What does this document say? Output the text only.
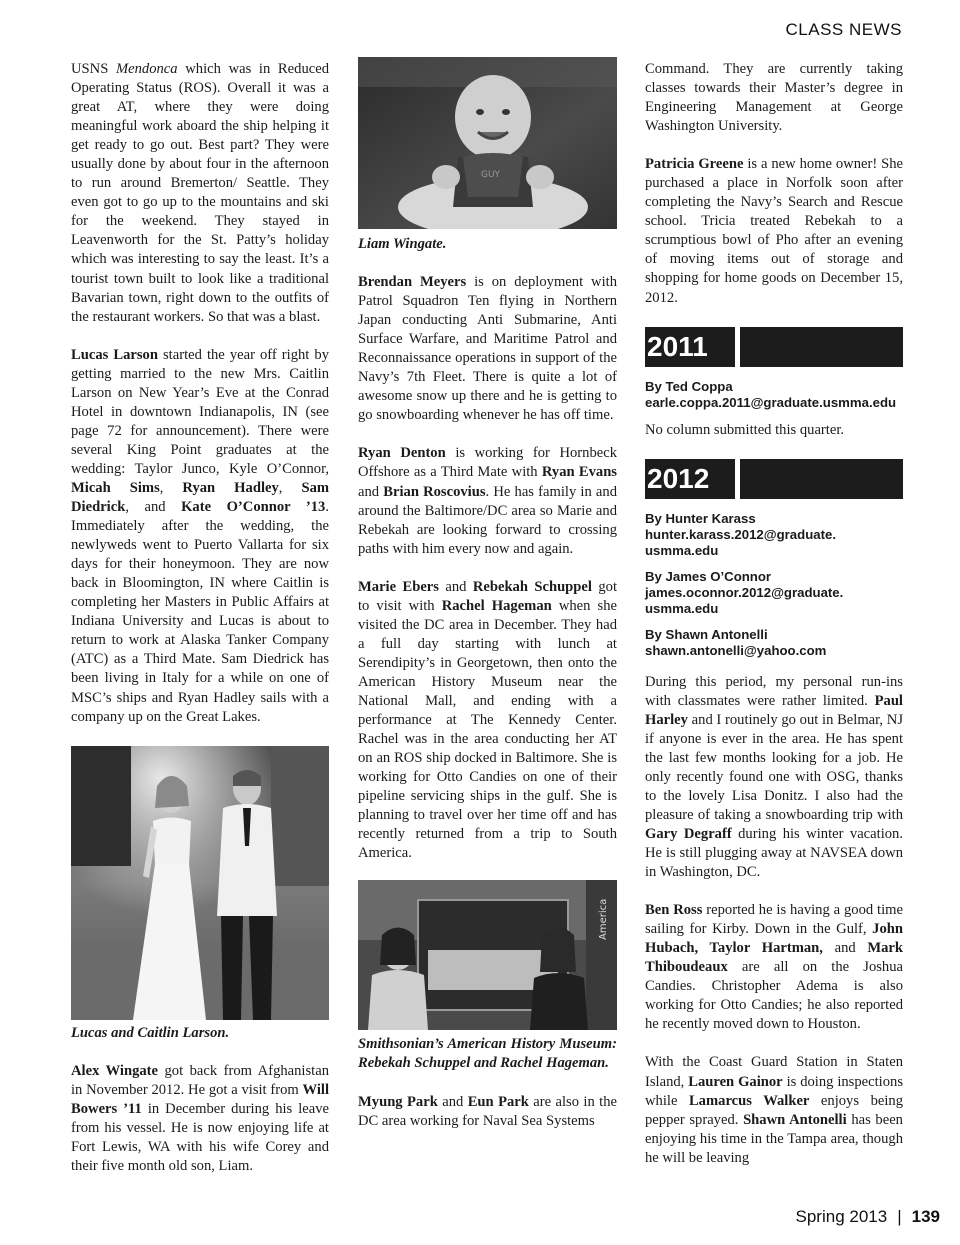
CLASS NEWS

USNS Mendonca which was in Reduced Operating Status (ROS). Overall it was a great AT, where they were doing meaningful work aboard the ship helping it get ready to go out. Best part? They were usually done by about four in the afternoon to run around Bremerton/ Seattle. They even got to go up to the mountains and ski for the weekend. They stayed in Leavenworth for the St. Patty’s holiday which was interesting to say the least. It’s a tourist town built to look like a traditional Bavarian town, right down to the outfits of the restaurant workers. So that was a blast.

Lucas Larson started the year off right by getting married to the new Mrs. Caitlin Larson on New Year’s Eve at the Conrad Hotel in downtown Indianapolis, IN (see page 72 for announcement). There were several King Point graduates at the wedding: Taylor Junco, Kyle O’Connor, Micah Sims, Ryan Hadley, Sam Diedrick, and Kate O’Connor ’13. Immediately after the wedding, the newlyweds went to Puerto Vallarta for six days for their honeymoon. They are now back in Bloomington, IN where Caitlin is completing her Masters in Public Affairs at Indiana University and Lucas is about to return to work at Alaska Tanker Company (ATC) as a Third Mate. Sam Diedrick has been living in Italy for a while on one of MSC’s ships and Ryan Hadley sails with a company up on the Great Lakes.

Lucas and Caitlin Larson.

Alex Wingate got back from Afghanistan in November 2012. He got a visit from Will Bowers ’11 in December during his leave from his vessel. He is now enjoying life at Fort Lewis, WA with his wife Corey and their five month old son, Liam.

GUY
Liam Wingate.

Brendan Meyers is on deployment with Patrol Squadron Ten flying in Northern Japan conducting Anti Submarine, Anti Surface Warfare, and Maritime Patrol and Reconnaissance operations in support of the Navy’s 7th Fleet. There is quite a lot of awesome snow up there and he is getting to go snowboarding whenever he has off time.

Ryan Denton is working for Hornbeck Offshore as a Third Mate with Ryan Evans and Brian Roscovius. He has family in and around the Baltimore/DC area so Marie and Rebekah are looking forward to crossing paths with him every now and again.

Marie Ebers and Rebekah Schuppel got to visit with Rachel Hageman when she visited the DC area in December. They had a full day starting with lunch at Serendipity’s in Georgetown, then onto the American History Museum near the National Mall, and ending with a performance at The Kennedy Center. Rachel was in the area conducting her AT on an ROS ship docked in Baltimore. She is working for Otto Candies on one of their pipeline servicing ships in the gulf. She is planning to travel over her time off and has recently returned from a trip to South America.

America
Smithsonian’s American History Museum: Rebekah Schuppel and Rachel Hageman.

Myung Park and Eun Park are also in the DC area working for Naval Sea Systems

Command. They are currently taking classes towards their Master’s degree in Engineering Management at George Washington University.

Patricia Greene is a new home owner! She purchased a place in Norfolk soon after completing the Navy’s Search and Rescue school. Tricia treated Rebekah to a scrumptious bowl of Pho after an evening of moving items out of storage and shopping for home goods on December 15, 2012.

2011
By Ted Coppa
earle.coppa.2011@graduate.usmma.edu

No column submitted this quarter.

2012
By Hunter Karass
hunter.karass.2012@graduate. usmma.edu
By James O’Connor
james.oconnor.2012@graduate. usmma.edu
By Shawn Antonelli
shawn.antonelli@yahoo.com

During this period, my personal run-ins with classmates were rather limited. Paul Harley and I routinely go out in Belmar, NJ if anyone is ever in the area. He has spent the last few months looking for a job. He only recently found one with OSG, thanks to the lovely Lisa Donitz. I also had the pleasure of taking a snowboarding trip with Gary Degraff during his winter vacation. He is still plugging away at NAVSEA down in Washington, DC.

Ben Ross reported he is having a good time sailing for Kirby. Down in the Gulf, John Hubach, Taylor Hartman, and Mark Thiboudeaux are all on the Joshua Candies. Christopher Adema is also working for Otto Candies; he also reported he recently moved down to Houston.

With the Coast Guard Station in Staten Island, Lauren Gainor is doing inspections while Lamarcus Walker enjoys being pepper sprayed. Shawn Antonelli has been enjoying his time in the Tampa area, though he will be leaving

Spring 2013 | 139
